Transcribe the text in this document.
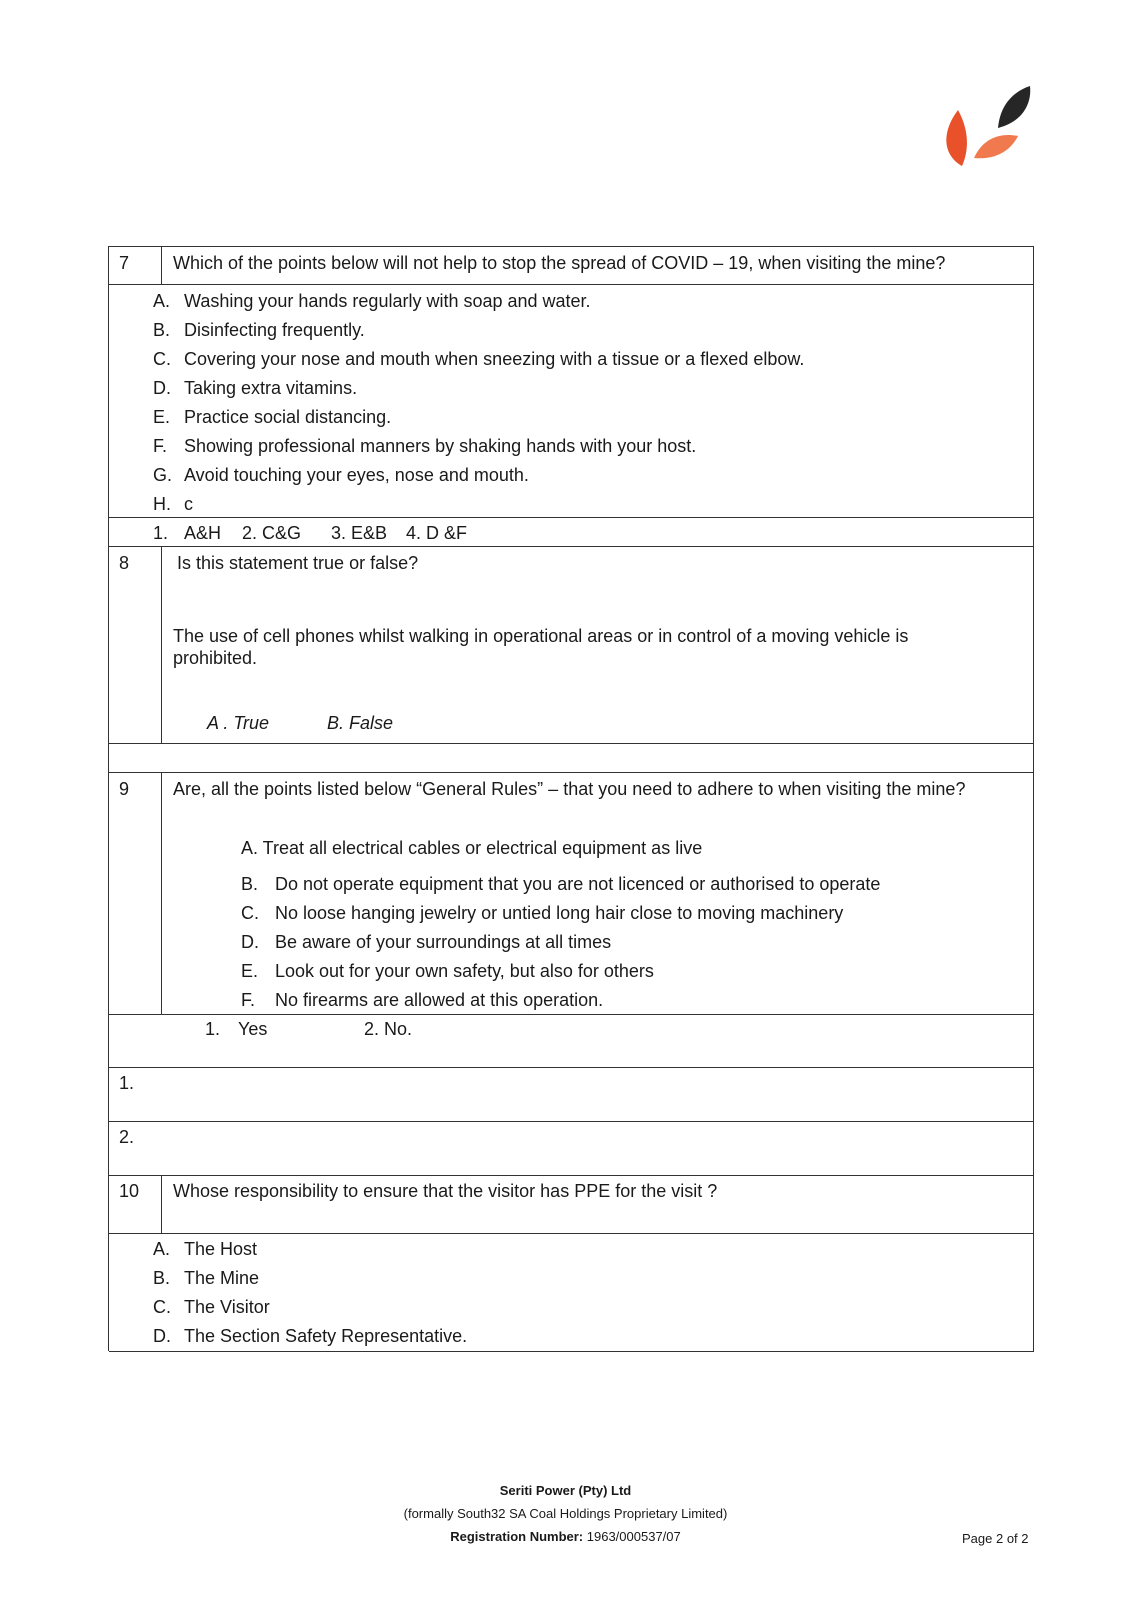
7 Which of the points below will not help to stop the spread of COVID – 19, when visiting the mine?
A. Washing your hands regularly with soap and water.
B. Disinfecting frequently.
C. Covering your nose and mouth when sneezing with a tissue or a flexed elbow.
D. Taking extra vitamins.
E. Practice social distancing.
F. Showing professional manners by shaking hands with your host.
G. Avoid touching your eyes, nose and mouth.
H. c
1. A&H 2. C&G 3. E&B 4. D &F
8	Is this statement true or false?
The use of cell phones whilst walking in operational areas or in control of a moving vehicle is
prohibited.
A . True	B. False
9 Are, all the points listed below “General Rules” – that you need to adhere to when visiting the mine?
A. Treat all electrical cables or electrical equipment as live
B. Do not operate equipment that you are not licenced or authorised to operate
C. No loose hanging jewelry or untied long hair close to moving machinery
D. Be aware of your surroundings at all times
E. Look out for your own safety, but also for others
F. No firearms are allowed at this operation.
1. Yes	2. No.
1.
2.
10 Whose responsibility to ensure that the visitor has PPE for the visit ?
A. The Host
B. The Mine
C. The Visitor
D. The Section Safety Representative.
Seriti Power (Pty) Ltd
(formally South32 SA Coal Holdings Proprietary Limited)
Registration Number: 1963/000537/07	Page 2 of 2
